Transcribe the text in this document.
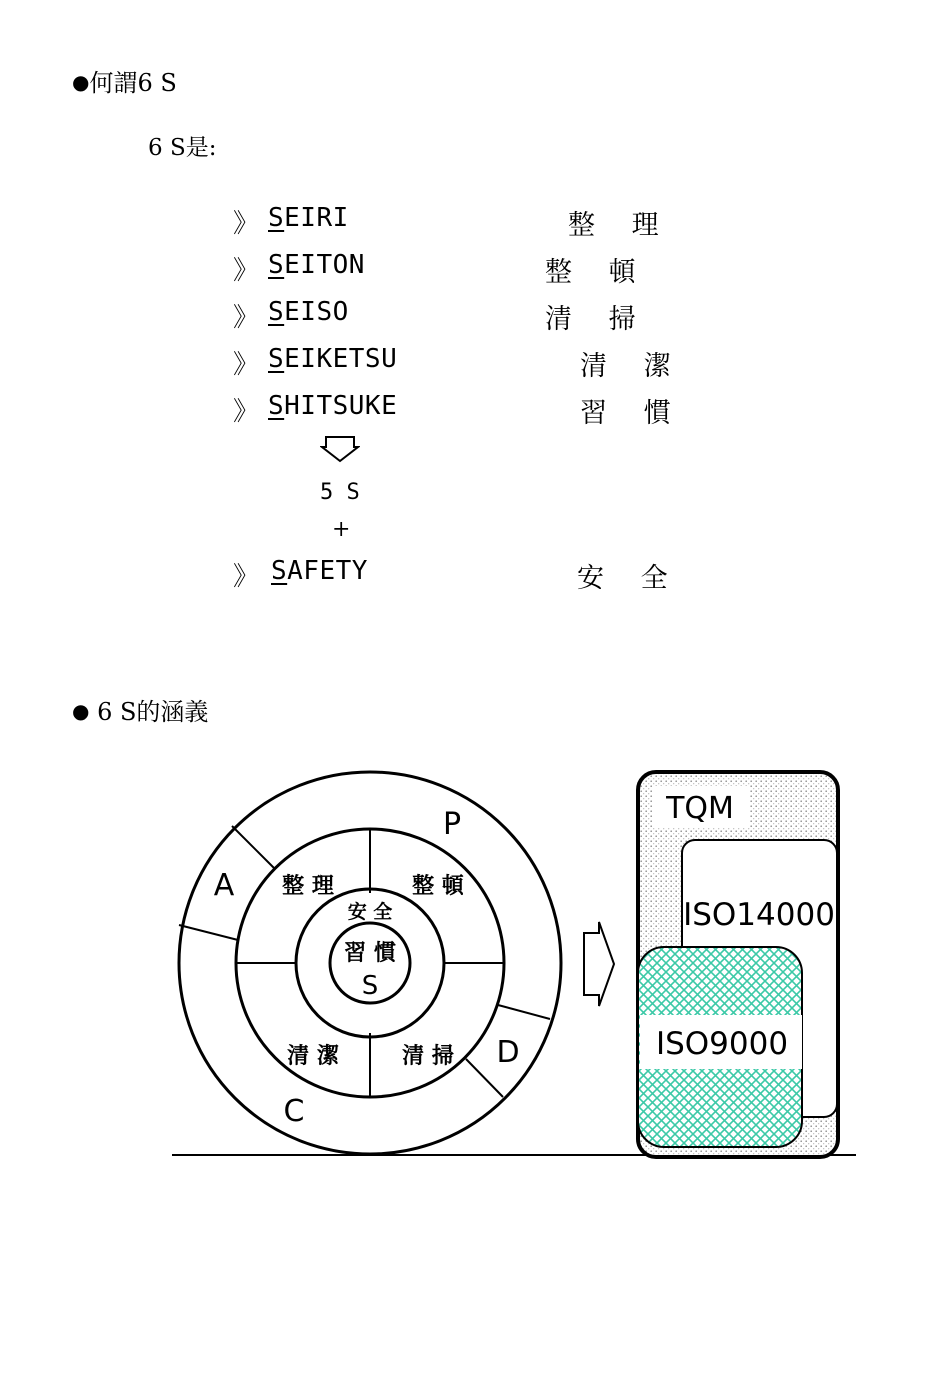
●何謂6 S
6 S是:
》 SEIRI	整 理
》 SEITON	整 頓
》 SEISO	清 掃
》 SEIKETSU	清 潔
》 SHITSUKE	習 慣
5 S
+
》 SAFETY	安 全
● 6 S的涵義
P
A
C
D
整 理	整 頓
清 潔	清 掃
安 全
習 慣
S
TQM
ISO14000
ISO9000
